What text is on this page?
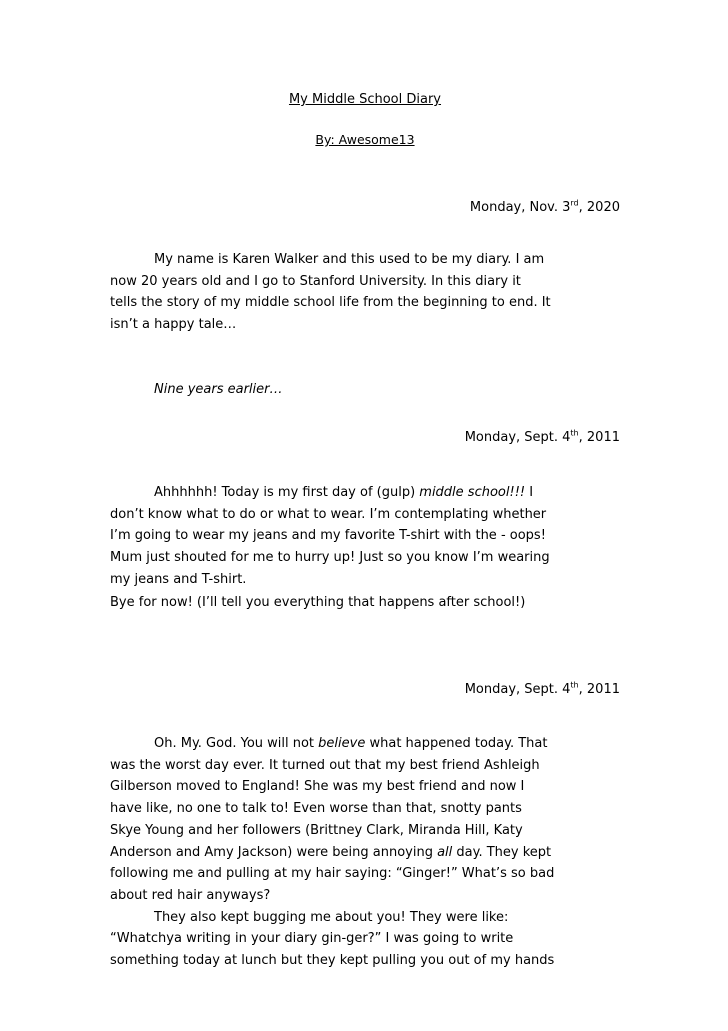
My Middle School Diary
By: Awesome13
Monday, Nov. 3rd, 2020
My name is Karen Walker and this used to be my diary. I am
now 20 years old and I go to Stanford University. In this diary it
tells the story of my middle school life from the beginning to end. It
isn’t a happy tale…
Nine years earlier…
Monday, Sept. 4th, 2011
Ahhhhhh! Today is my first day of (gulp) middle school!!! I
don’t know what to do or what to wear. I’m contemplating whether
I’m going to wear my jeans and my favorite T-shirt with the - oops!
Mum just shouted for me to hurry up! Just so you know I’m wearing
my jeans and T-shirt.
Bye for now! (I’ll tell you everything that happens after school!)
Monday, Sept. 4th, 2011
Oh. My. God. You will not believe what happened today. That
was the worst day ever. It turned out that my best friend Ashleigh
Gilberson moved to England! She was my best friend and now I
have like, no one to talk to! Even worse than that, snotty pants
Skye Young and her followers (Brittney Clark, Miranda Hill, Katy
Anderson and Amy Jackson) were being annoying all day. They kept
following me and pulling at my hair saying: “Ginger!” What’s so bad
about red hair anyways?
They also kept bugging me about you! They were like:
“Whatchya writing in your diary gin-ger?” I was going to write
something today at lunch but they kept pulling you out of my hands
